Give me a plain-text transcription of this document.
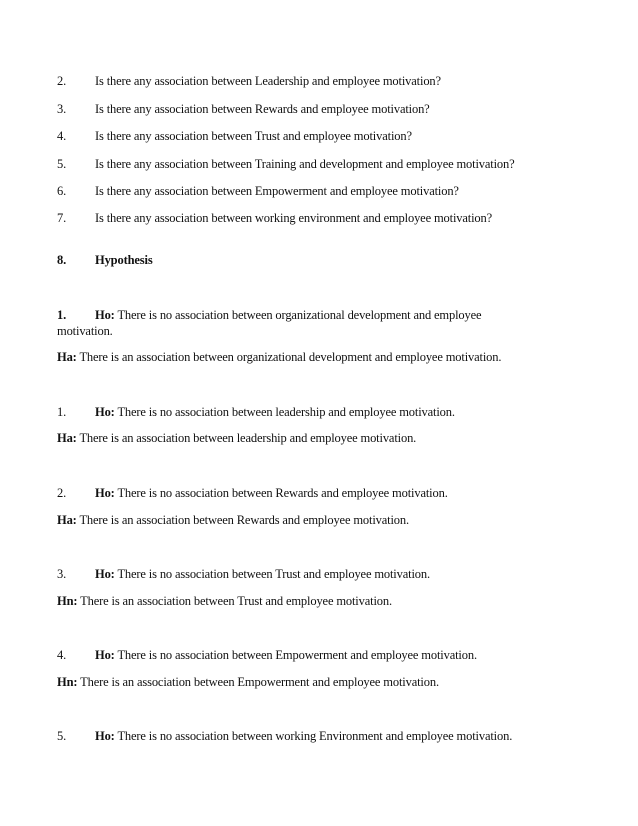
2. Is there any association between Leadership and employee motivation?
3. Is there any association between Rewards and employee motivation?
4. Is there any association between Trust and employee motivation?
5. Is there any association between Training and development and employee motivation?
6. Is there any association between Empowerment and employee motivation?
7. Is there any association between working environment and employee motivation?
8. Hypothesis
1. Ho: There is no association between organizational development and employee
motivation.
Ha: There is an association between organizational development and employee motivation.
1. Ho: There is no association between leadership and employee motivation.
Ha: There is an association between leadership and employee motivation.
2. Ho: There is no association between Rewards and employee motivation.
Ha: There is an association between Rewards and employee motivation.
3. Ho: There is no association between Trust and employee motivation.
Hn: There is an association between Trust and employee motivation.
4. Ho: There is no association between Empowerment and employee motivation.
Hn: There is an association between Empowerment and employee motivation.
5. Ho: There is no association between working Environment and employee motivation.
